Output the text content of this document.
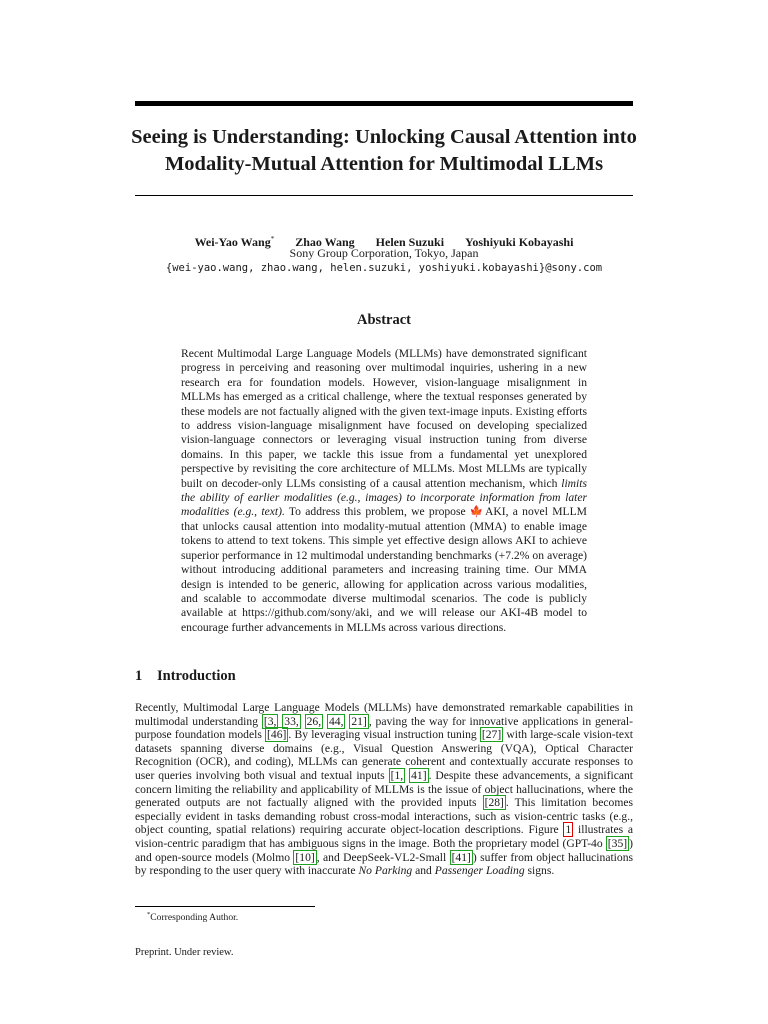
Seeing is Understanding: Unlocking Causal Attention into Modality-Mutual Attention for Multimodal LLMs
Wei-Yao Wang* Zhao Wang Helen Suzuki Yoshiyuki Kobayashi
Sony Group Corporation, Tokyo, Japan
{wei-yao.wang, zhao.wang, helen.suzuki, yoshiyuki.kobayashi}@sony.com
Abstract

Recent Multimodal Large Language Models (MLLMs) have demonstrated significant progress in perceiving and reasoning over multimodal inquiries, ushering in a new research era for foundation models. However, vision-language misalignment in MLLMs has emerged as a critical challenge, where the textual responses generated by these models are not factually aligned with the given text-image inputs. Existing efforts to address vision-language misalignment have focused on developing specialized vision-language connectors or leveraging visual instruction tuning from diverse domains. In this paper, we tackle this issue from a fundamental yet unexplored perspective by revisiting the core architecture of MLLMs. Most MLLMs are typically built on decoder-only LLMs consisting of a causal attention mechanism, which limits the ability of earlier modalities (e.g., images) to incorporate information from later modalities (e.g., text). To address this problem, we propose 🍁AKI, a novel MLLM that unlocks causal attention into modality-mutual attention (MMA) to enable image tokens to attend to text tokens. This simple yet effective design allows AKI to achieve superior performance in 12 multimodal understanding benchmarks (+7.2% on average) without introducing additional parameters and increasing training time. Our MMA design is intended to be generic, allowing for application across various modalities, and scalable to accommodate diverse multimodal scenarios. The code is publicly available at https://github.com/sony/aki, and we will release our AKI-4B model to encourage further advancements in MLLMs across various directions.

1 Introduction

Recently, Multimodal Large Language Models (MLLMs) have demonstrated remarkable capabilities in multimodal understanding [3, 33, 26, 44, 21] , paving the way for innovative applications in general-purpose foundation models [46] . By leveraging visual instruction tuning [27] with large-scale vision-text datasets spanning diverse domains (e.g., Visual Question Answering (VQA), Optical Character Recognition (OCR), and coding), MLLMs can generate coherent and contextually accurate responses to user queries involving both visual and textual inputs [1, 41] . Despite these advancements, a significant concern limiting the reliability and applicability of MLLMs is the issue of object hallucinations, where the generated outputs are not factually aligned with the provided inputs [28] . This limitation becomes especially evident in tasks demanding robust cross-modal interactions, such as vision-centric tasks (e.g., object counting, spatial relations) requiring accurate object-location descriptions. Figure 1 illustrates a vision-centric paradigm that has ambiguous signs in the image. Both the proprietary model (GPT-4o [35] ) and open-source models (Molmo [10] , and DeepSeek-VL2-Small [41] ) suffer from object hallucinations by responding to the user query with inaccurate No Parking and Passenger Loading signs.

*Corresponding Author.
Preprint. Under review.
